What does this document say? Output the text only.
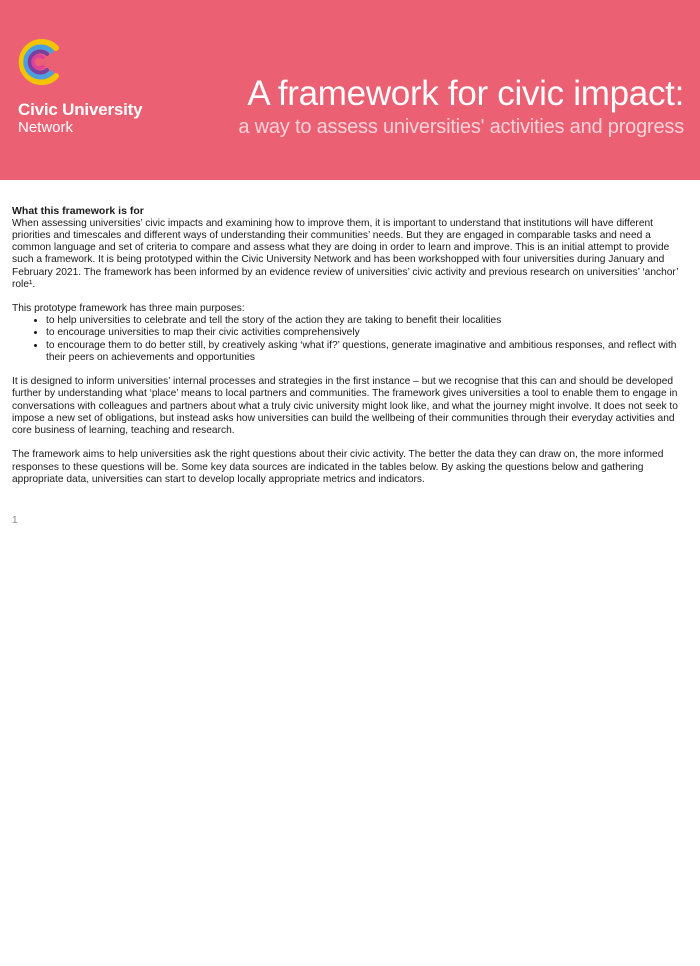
Civic University
Network
A framework for civic impact:
a way to assess universities' activities and progress
What this framework is for

When assessing universities’ civic impacts and examining how to improve them, it is important to understand that institutions will have different priorities and timescales and different ways of understanding their communities’ needs. But they are engaged in comparable tasks and need a common language and set of criteria to compare and assess what they are doing in order to learn and improve. This is an initial attempt to provide such a framework. It is being prototyped within the Civic University Network and has been workshopped with four universities during January and February 2021. The framework has been informed by an evidence review of universities’ civic activity and previous research on universities’ ‘anchor’ role¹.

This prototype framework has three main purposes:
• to help universities to celebrate and tell the story of the action they are taking to benefit their localities
• to encourage universities to map their civic activities comprehensively
• to encourage them to do better still, by creatively asking ‘what if?’ questions, generate imaginative and ambitious responses, and reflect with their peers on achievements and opportunities

It is designed to inform universities’ internal processes and strategies in the first instance – but we recognise that this can and should be developed further by understanding what ‘place’ means to local partners and communities. The framework gives universities a tool to enable them to engage in conversations with colleagues and partners about what a truly civic university might look like, and what the journey might involve. It does not seek to impose a new set of obligations, but instead asks how universities can build the wellbeing of their communities through their everyday activities and core business of learning, teaching and research.

The framework aims to help universities ask the right questions about their civic activity. The better the data they can draw on, the more informed responses to these questions will be. Some key data sources are indicated in the tables below. By asking the questions below and gathering appropriate data, universities can start to develop locally appropriate metrics and indicators.

1
